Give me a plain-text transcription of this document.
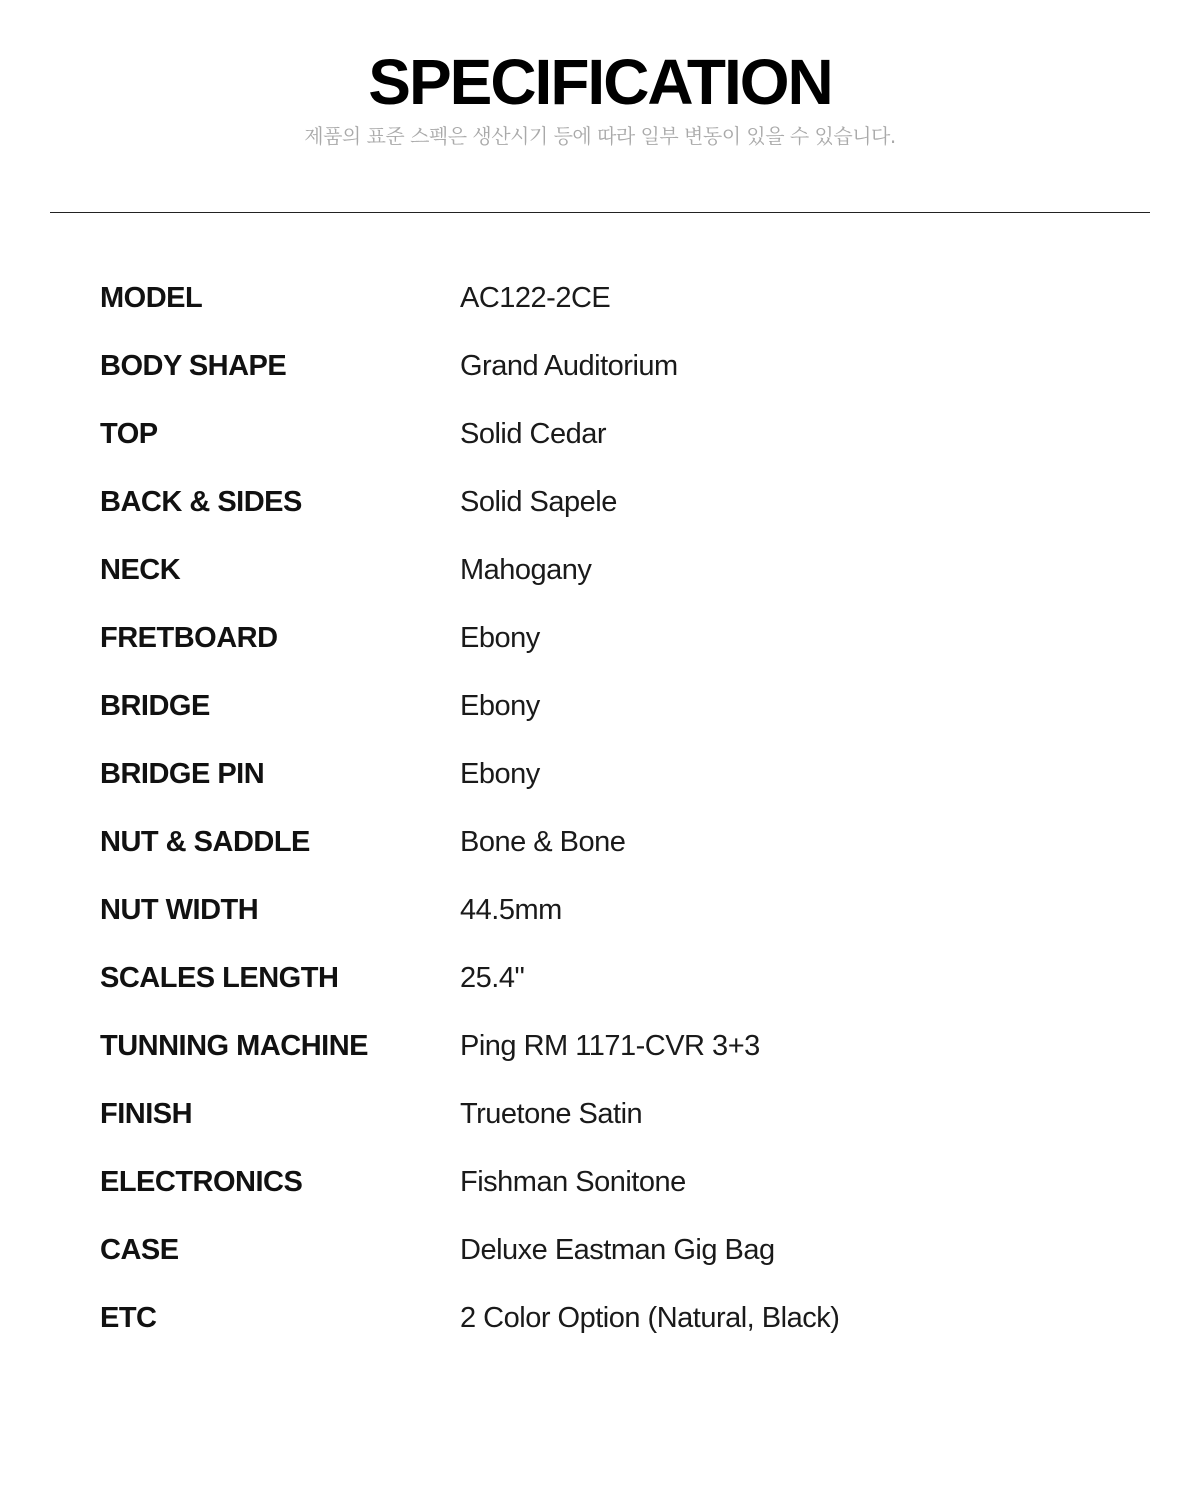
SPECIFICATION
제품의 표준 스펙은 생산시기 등에 따라 일부 변동이 있을 수 있습니다.
MODEL	AC122-2CE
BODY SHAPE	Grand Auditorium
TOP	Solid Cedar
BACK & SIDES	Solid Sapele
NECK	Mahogany
FRETBOARD	Ebony
BRIDGE	Ebony
BRIDGE PIN	Ebony
NUT & SADDLE	Bone & Bone
NUT WIDTH	44.5mm
SCALES LENGTH	25.4"
TUNNING MACHINE	Ping RM 1171-CVR 3+3
FINISH	Truetone Satin
ELECTRONICS	Fishman Sonitone
CASE	Deluxe Eastman Gig Bag
ETC	2 Color Option (Natural, Black)
